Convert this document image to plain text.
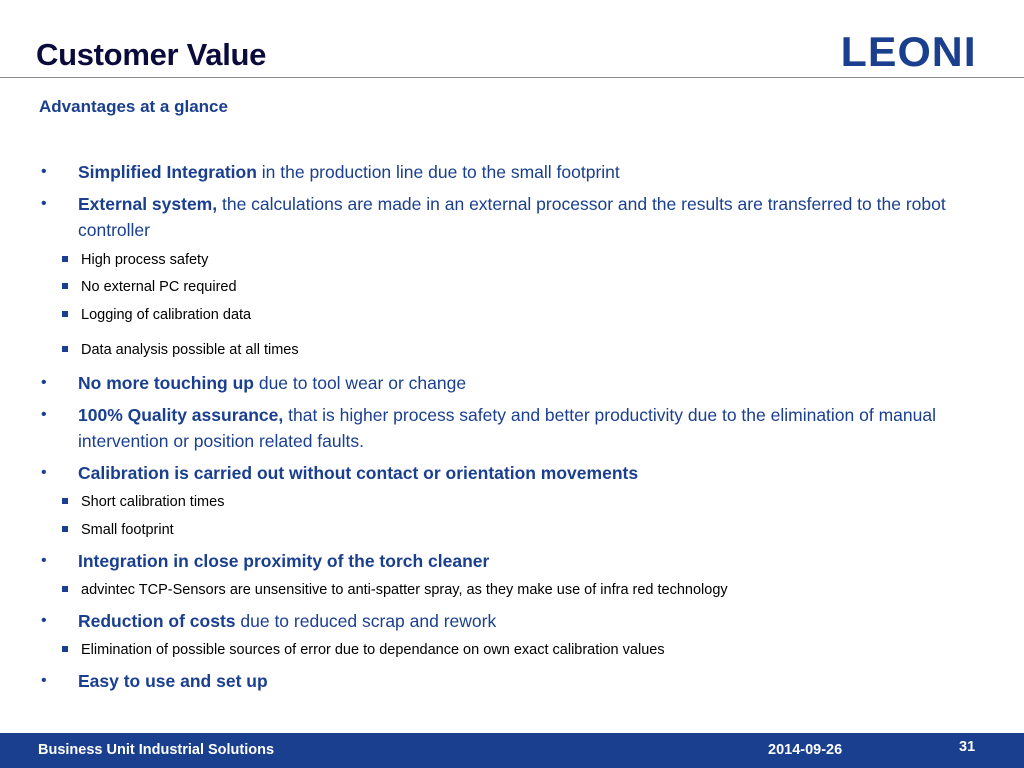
Customer Value	LEONI
Advantages at a glance
• Simplified Integration in the production line due to the small footprint
• External system, the calculations are made in an external processor and the results are transferred to the robot controller
High process safety
No external PC required
Logging of calibration data
Data analysis possible at all times
• No more touching up due to tool wear or change
• 100% Quality assurance, that is higher process safety and better productivity due to the elimination of manual intervention or position related faults.
• Calibration is carried out without contact or orientation movements
Short calibration times
Small footprint
• Integration in close proximity of the torch cleaner
advintec TCP-Sensors are unsensitive to anti-spatter spray, as they make use of infra red technology
• Reduction of costs due to reduced scrap and rework
Elimination of possible sources of error due to dependance on own exact calibration values
• Easy to use and set up
Business Unit Industrial Solutions	2014-09-26	31
